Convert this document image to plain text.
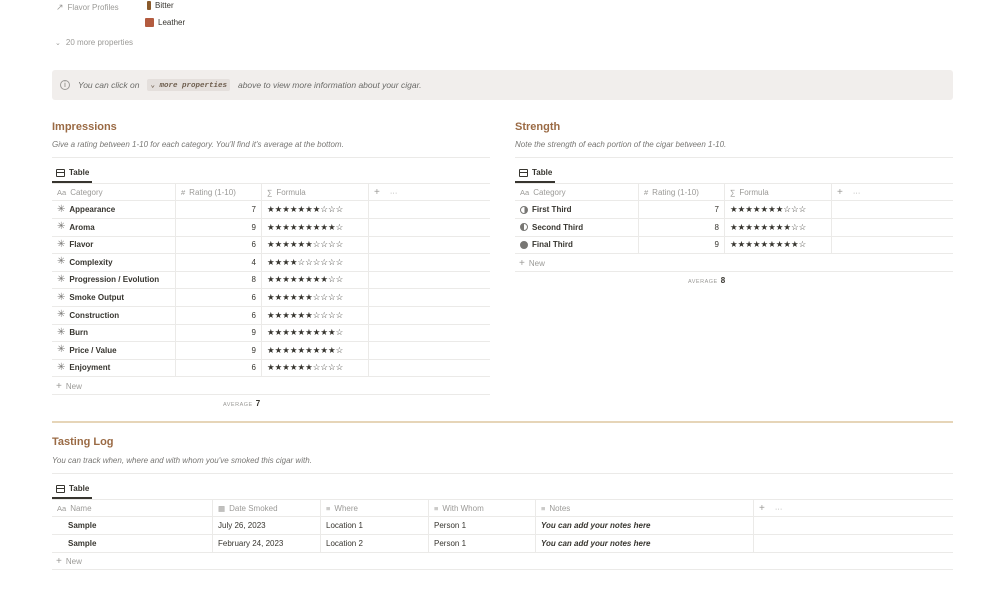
↗ Flavor Profiles	Bitter
Leather
⌄ 20 more properties
i	You can click on	⌄ more properties	above to view more information about your cigar.
Impressions
Give a rating between 1-10 for each category. You'll find it's average at the bottom.
Table
Aa Category	# Rating (1-10)	∑ Formula	+ ···
✳ Appearance	7	★★★★★★★☆☆☆
✳ Aroma	9	★★★★★★★★★☆
✳ Flavor	6	★★★★★★☆☆☆☆
✳ Complexity	4	★★★★☆☆☆☆☆☆
✳ Progression / Evolution	8	★★★★★★★★☆☆
✳ Smoke Output	6	★★★★★★☆☆☆☆
✳ Construction	6	★★★★★★☆☆☆☆
✳ Burn	9	★★★★★★★★★☆
✳ Price / Value	9	★★★★★★★★★☆
✳ Enjoyment	6	★★★★★★☆☆☆☆
+ New
AVERAGE 7
Strength
Note the strength of each portion of the cigar between 1-10.
Table
Aa Category	# Rating (1-10)	∑ Formula	+ ···
First Third	7	★★★★★★★☆☆☆
Second Third	8	★★★★★★★★☆☆
Final Third	9	★★★★★★★★★☆
+ New
AVERAGE 8
Tasting Log
You can track when, where and with whom you've smoked this cigar with.
Table
Aa Name	▦ Date Smoked	≡ Where	≡ With Whom	≡ Notes	+ ···
Sample	July 26, 2023	Location 1	Person 1	You can add your notes here
Sample	February 24, 2023	Location 2	Person 1	You can add your notes here
+ New
